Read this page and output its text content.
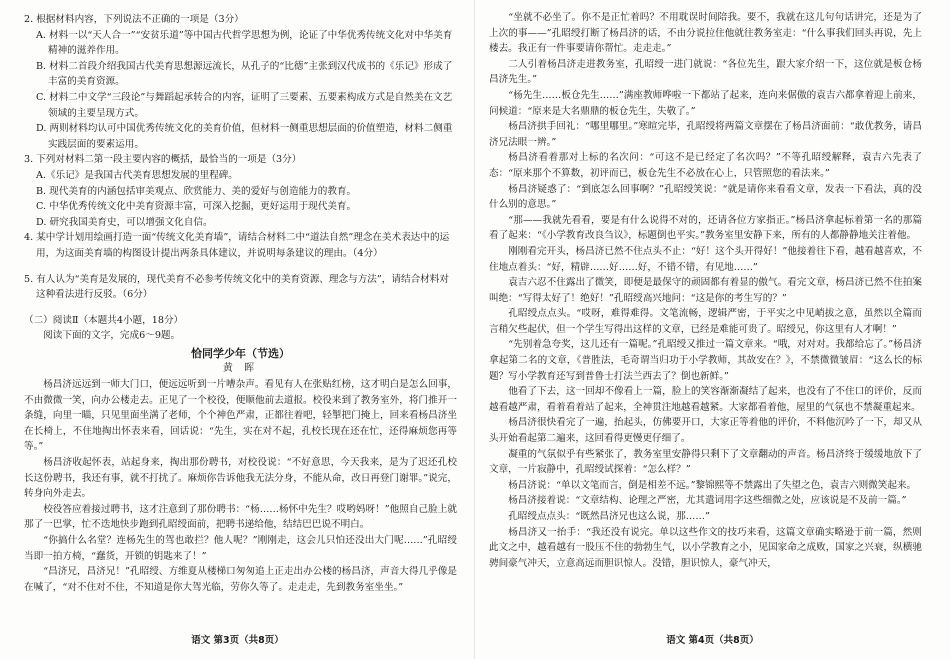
2. 根据材料内容，下列说法不正确的一项是（3分）

A. 材料一以“天人合一”“安贫乐道”等中国古代哲学思想为例，论证了中华优秀传统文化对中华美育精神的滋养作用。

B. 材料二首段介绍我国古代美育思想源远流长，从孔子的“比德”主张到汉代成书的《乐记》形成了丰富的美育资源。

C. 材料二中文学“三段论”与舞蹈起承转合的内容，证明了三要素、五要素构成方式是自然美在文艺领域的主要呈现方式。

D. 两则材料均认可中国优秀传统文化的美育价值，但材料一侧重思想层面的价值塑造，材料二侧重实践层面的要素运用。

3. 下列对材料二第一段主要内容的概括，最恰当的一项是（3分）

A.《乐记》是我国古代美育思想发展的里程碑。

B. 现代美育的内涵包括审美观点、欣赏能力、美的爱好与创造能力的教育。

C. 中华优秀传统文化中美育资源丰富，可深入挖掘，更好运用于现代美育。

D. 研究我国美育史，可以增强文化自信。

4. 某中学计划用绘画打造一面“传统文化美育墙”，请结合材料二中“道法自然”理念在美术表达中的运用，为这面美育墙的构图设计提出两条具体建议，并说明每条建议的理由。（4分）

5. 有人认为“美育是发展的，现代美育不必参考传统文化中的美育资源、理念与方法”，请结合材料对这种看法进行反驳。（6分）

（二）阅读Ⅱ（本题共4小题，18分）

阅读下面的文字，完成6～9题。

恰同学少年（节选）

黄 晖

杨昌济远远到一师大门口，便远远听到一片嘈杂声。看见有人在张贴红榜，这才明白是怎么回事，不由微微一笑，向办公楼走去。正见了一个校役，便顺他前去道报。校役来到了教务室外，将门推开一条缝，向里一瞄，只见里面坐满了老师，个个神色严肃，正都往着吧，轻掣把门掩上，回来看杨昌济坐在长椅上，不住地掏出怀表来看，回话说：“先生，实在对不起，孔校长现在还在忙，还得麻烦您再等等。”

杨昌济收起怀表，站起身来，掏出那份聘书，对校役说：“不好意思，今天我来，是为了迟还孔校长这份聘书，我还有事，就不打扰了。麻烦你告诉他我无法分身，不能从命，改日再登门谢罪。”说完，转身向外走去。

校役答应着接过聘书，这才注意到了那份聘书：“杨……杨怀中先生？哎哟妈呀！”他照自己脸上就那了一巴掌，忙不迭地快步跑到孔昭绶面前，把聘书递给他，结结巴巴说不明白。

“你搞什么名堂？连杨先生的驾也敢拦？他人呢？”刚刚走，这会儿只怕还没出大门呢……”孔昭绶当即一拍方椅，“蠢货，开锁的钥匙来了！”

“昌济兄，昌济兄！”孔昭绶、方维夏从楼梯口匆匆追上正走出办公楼的杨昌济，声音大得几乎像是在喊了，“对不住对不住，不知道是你大驾光临，劳你久等了。走走走，先到教务室坐坐。”

语文 第3页（共8页）

“坐就不必坐了。你不是正忙着吗？不用耽误时间陪我。要不，我就在这儿句句话讲完，还是为了上次的事——”孔昭绶打断了杨昌济的话，不由分说拉住他就往教务室走：“什么事我们回头再说，先上楼去。我正有一件事要请你帮忙。走走走。”

二人引着杨昌济走进教务室，孔昭绶一进门就说：“各位先生，跟大家介绍一下，这位就是板仓杨昌济先生。”

“杨先生……板仓先生……”满座教师哗啦一下都站了起来，连向来倨傲的袁吉六都拿着迎上前来，问候道：“原来是大名鼎鼎的板仓先生，失敬了。”

杨昌济拱手回礼：“哪里哪里。”寒暄完毕，孔昭绶将两篇文章摆在了杨昌济面前：“敢优教务，请昌济兄法眼一辨。”

杨昌济看着那对上标的名次问：“可这不是已经定了名次吗？”不等孔昭绶解释，袁吉六先表了态：“原来那个不算数，初评而已，板仓先生不必放在心上，只管照您的看法来。”

杨昌济疑惑了：“到底怎么回事啊？”孔昭绶笑说：“就是请你来看看文章，发表一下看法，真的没什么别的意思。”

“那——我就先看看，要是有什么说得不对的，还请各位方家指正。”杨昌济拿起标着第一名的那篇看了起来：“《小学教育改良刍议》，标题倒也平实。”教务室里安静下来，所有的人都静静地关注着他。

刚刚看完开头，杨昌济已然不住点头不止：“好！这个头开得好！”他接着往下看，越看越喜欢，不住地点着头：“好，精辟……好……好，不错不错，有见地……”

袁吉六忍不住露出了微笑，即便是最保守的顽固都有着显的傲气。看完文章，杨昌济已然不住拍案叫绝：“写得太好了！绝好！”孔昭绶高兴地问：“这是你的考生写的？”

孔昭绶点点头。“哎呀，难得难得。文笔流畅，逻辑严密，于平实之中见峭拔之意，虽然以全篇而言稍欠些起伏，但一个学生写得出这样的文章，已经是难能可贵了。昭绶兄，你这里有人才啊！”

“先别着急夸奖，这儿还有一篇呢。”孔昭绶又推过一篇文章来。“哦，对对对。我都给忘了。”杨昌济拿起第二名的文章，《普胜法，毛奇谓当归功于小学教师，其故安在？》，不禁微微皱眉：“这么长的标题？写小学教育还写到普鲁士打法兰西去了？倒也新鲜。”

他看了下去，这一回却不像看上一篇，脸上的笑容渐渐凝结了起来，也没有了不住口的评价，反而越看越严肃，看着看着站了起来，全神贯注地越看越紧。大家都看着他，屋里的气氛也不禁凝重起来。

杨昌济很快看完了一遍，抬起头，仿佛要开口，大家正等着他的评价，不料他沉吟了一下，却又从头开始看起第二遍来，这回看得更慢更仔细了。

凝重的气氛似乎有些紧张了，教务室里安静得只剩下了文章翻动的声音。杨昌济终于缓缓地放下了文章，一片寂静中，孔昭绶试探着：“怎么样？”

杨昌济说：“单以文笔而言，倒是相差不远。”黎锦熙等不禁露出了失望之色，袁吉六则微笑起来。

杨昌济接着说：“文章结构、论理之严密，尤其遣词用字这些细微之处，应该说是不及前一篇。”

孔昭绶点点头：“既然昌济兄也这么说，那……”

杨昌济又一抬手：“我还没有说完。单以这些作文的技巧来看，这篇文章确实略逊于前一篇，然则此文之中，越看越有一股压不住的勃勃生气，以小学教育之小，见国家命之成败，国家之兴衰，纵横驰骋间豪气冲天，立意高远而胆识惊人。没错，胆识惊人，豪气冲天，

语文 第4页（共8页）
